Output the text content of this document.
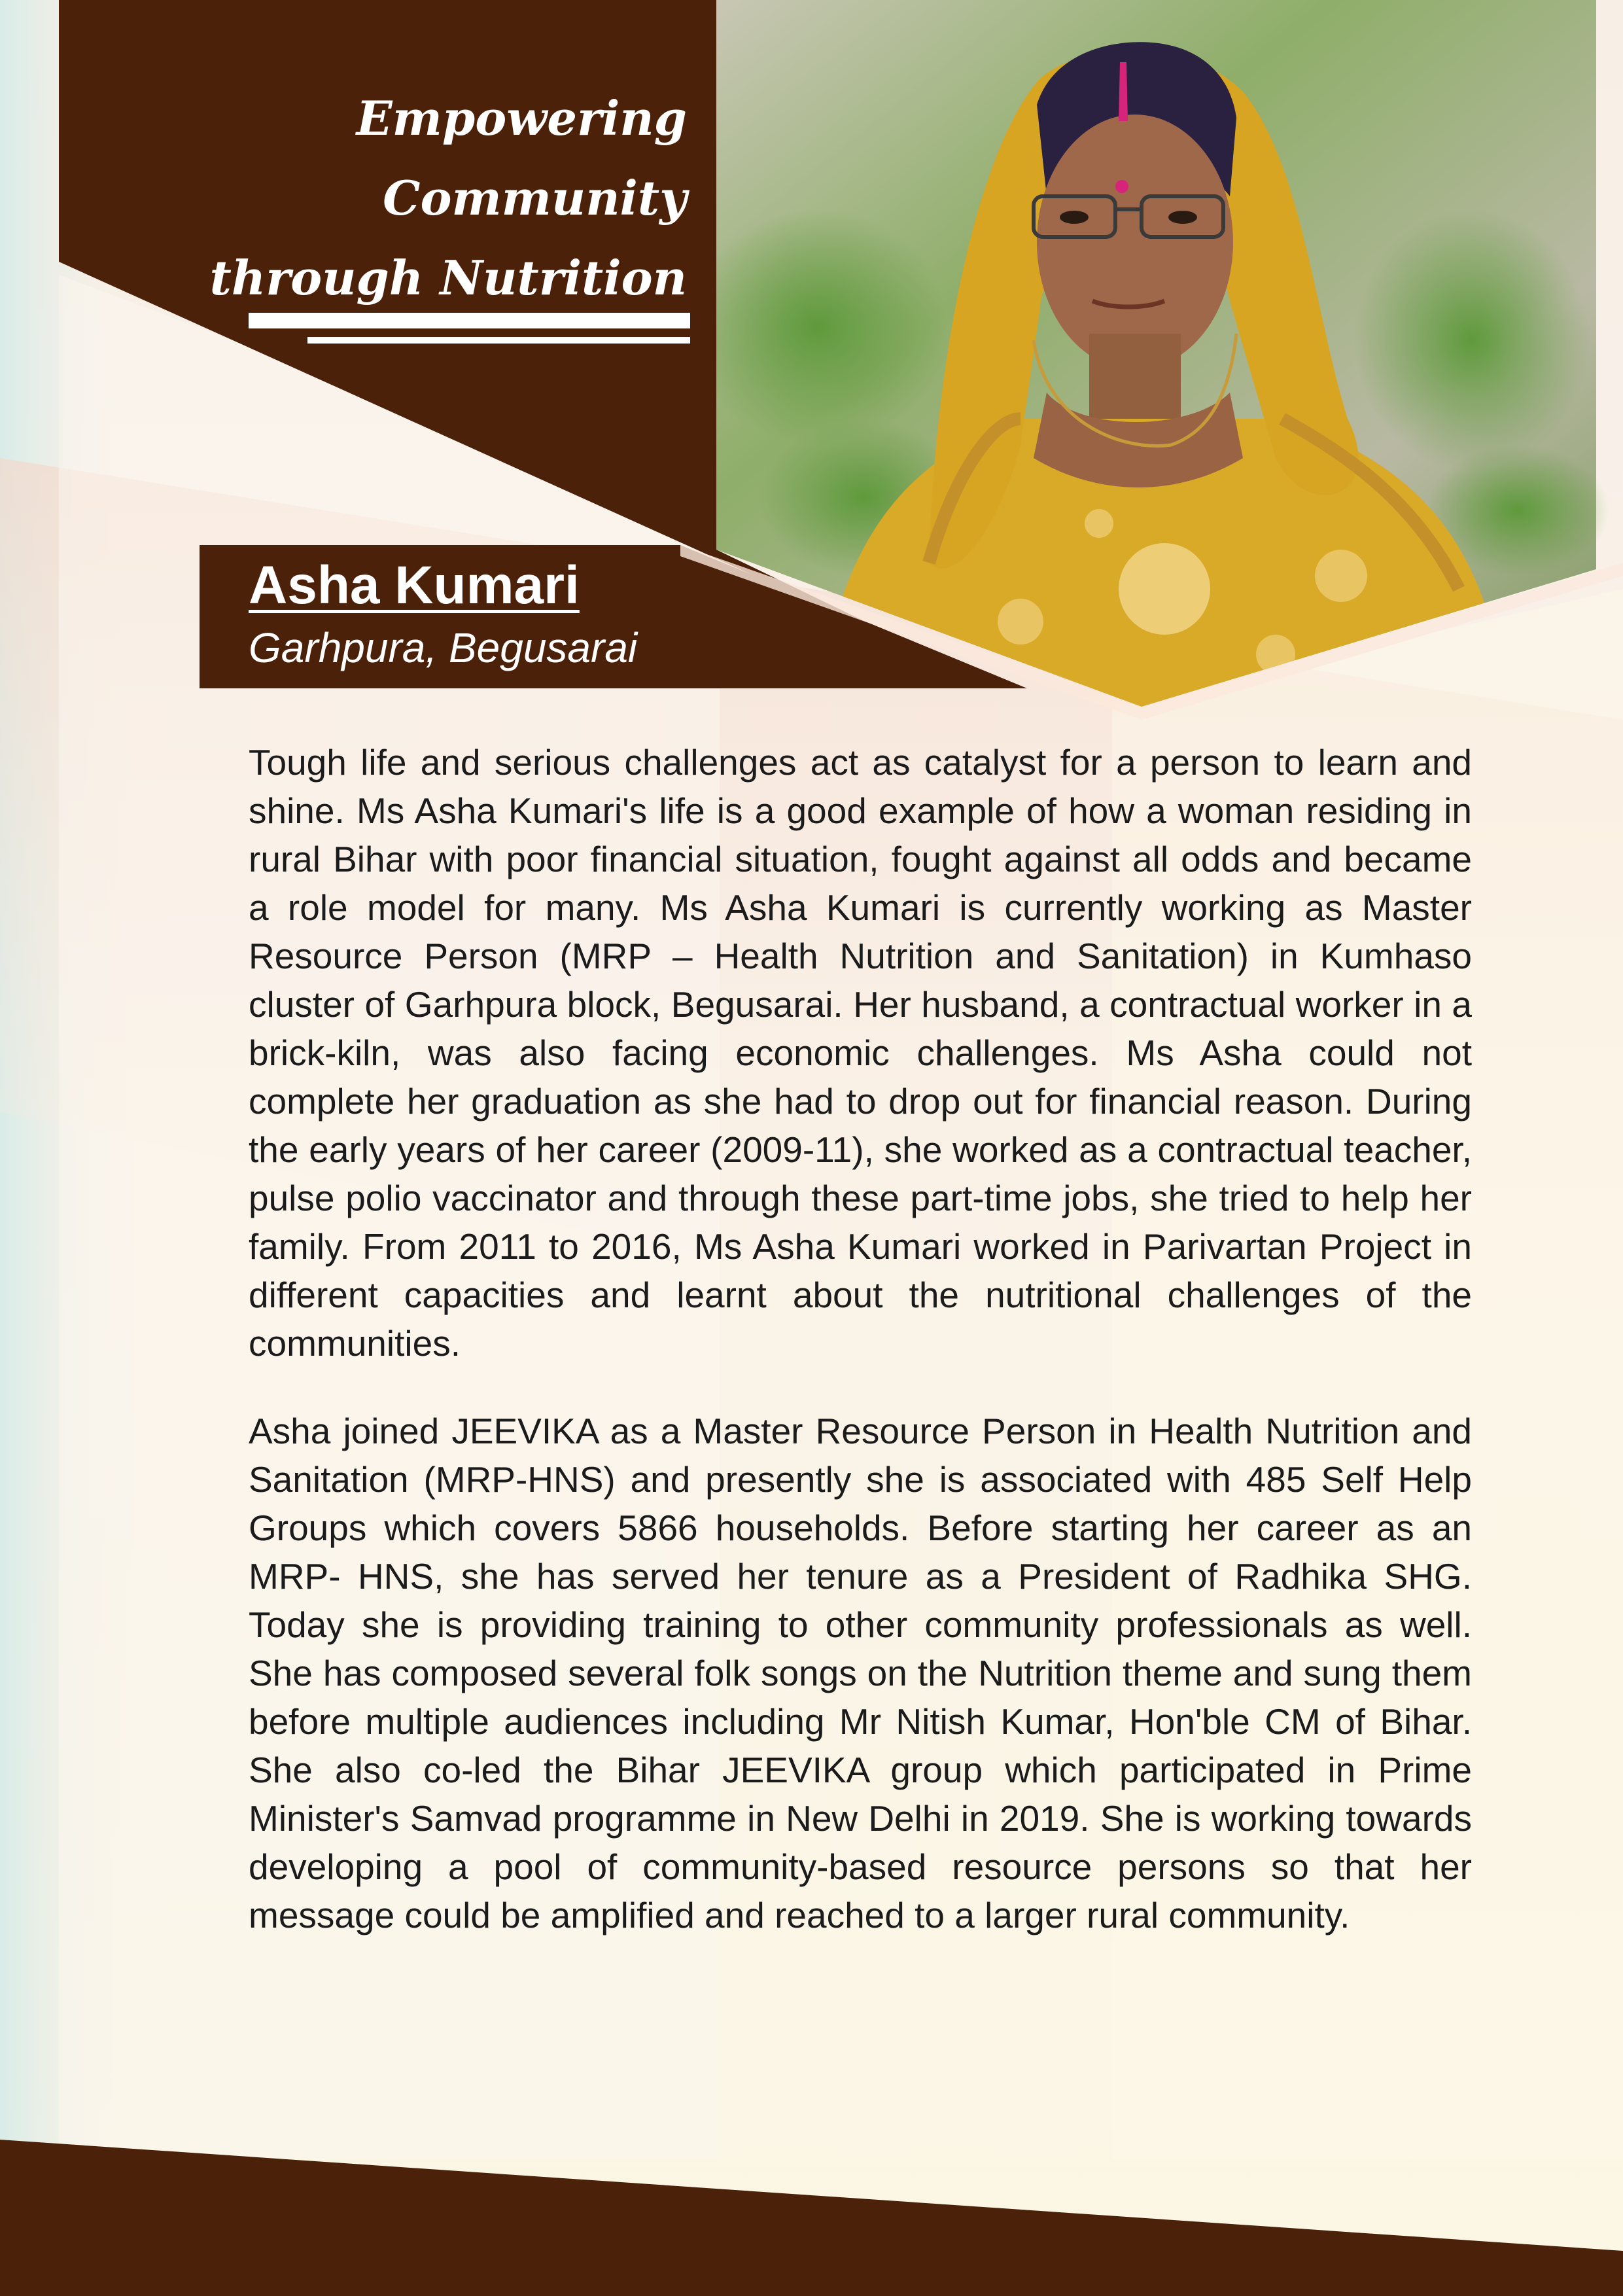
Empowering Community
through Nutrition

Asha Kumari

Garhpura, Begusarai

Tough life and serious challenges act as catalyst for a person to learn and shine. Ms Asha Kumari's life is a good example of how a woman residing in rural Bihar with poor financial situation, fought against all odds and became a role model for many. Ms Asha Kumari is currently working as Master Resource Person (MRP – Health Nutrition and Sanitation) in Kumhaso cluster of Garhpura block, Begusarai. Her husband, a contractual worker in a brick-kiln, was also facing economic challenges. Ms Asha could not complete her graduation as she had to drop out for financial reason. During the early years of her career (2009-11), she worked as a contractual teacher, pulse polio vaccinator and through these part-time jobs, she tried to help her family. From 2011 to 2016, Ms Asha Kumari worked in Parivartan Project in different capacities and learnt about the nutritional challenges of the communities.

Asha joined JEEVIKA as a Master Resource Person in Health Nutrition and Sanitation (MRP-HNS) and presently she is associated with 485 Self Help Groups which covers 5866 households. Before starting her career as an MRP- HNS, she has served her tenure as a President of Radhika SHG. Today she is providing training to other community professionals as well. She has composed several folk songs on the Nutrition theme and sung them before multiple audiences including Mr Nitish Kumar, Hon'ble CM of Bihar. She also co-led the Bihar JEEVIKA group which participated in Prime Minister's Samvad programme in New Delhi in 2019. She is working towards developing a pool of community-based resource persons so that her message could be amplified and reached to a larger rural community.
